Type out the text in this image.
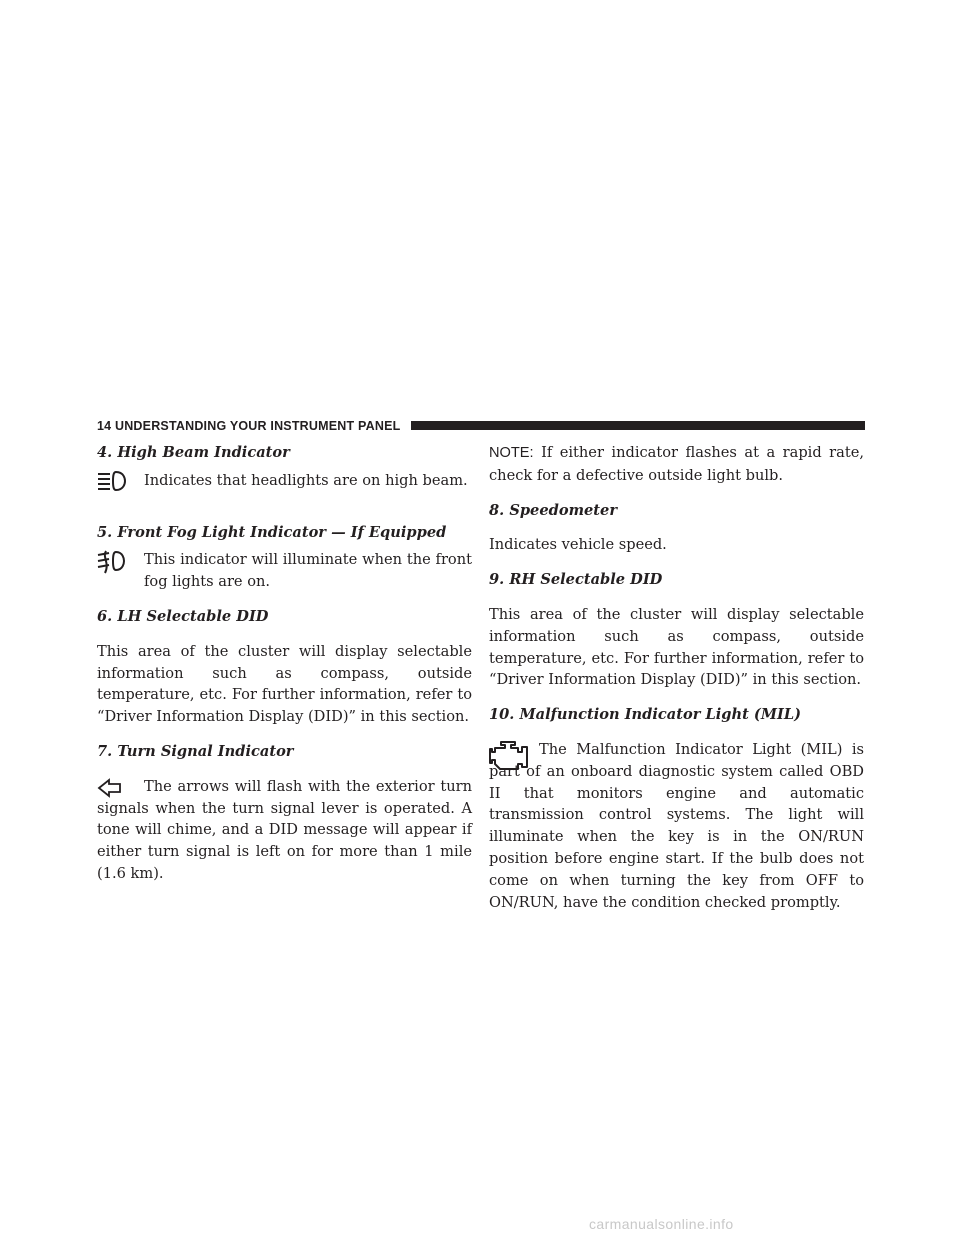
14 UNDERSTANDING YOUR INSTRUMENT PANEL
4. High Beam Indicator

Indicates that headlights are on high beam.

5. Front Fog Light Indicator — If Equipped

This indicator will illuminate when the front fog lights are on.

6. LH Selectable DID

This area of the cluster will display selectable information such as compass, outside temperature, etc. For further information, refer to “Driver Information Display (DID)” in this section.

7. Turn Signal Indicator

The arrows will flash with the exterior turn signals when the turn signal lever is operated. A tone will chime, and a DID message will appear if either turn signal is left on for more than 1 mile (1.6 km).

NOTE: If either indicator flashes at a rapid rate, check for a defective outside light bulb.

8. Speedometer

Indicates vehicle speed.

9. RH Selectable DID

This area of the cluster will display selectable information such as compass, outside temperature, etc. For further information, refer to “Driver Information Display (DID)” in this section.

10. Malfunction Indicator Light (MIL)

The Malfunction Indicator Light (MIL) is part of an onboard diagnostic system called OBD II that monitors engine and automatic transmission control systems. The light will illuminate when the key is in the ON/RUN position before engine start. If the bulb does not come on when turning the key from OFF to ON/RUN, have the condition checked promptly.

carmanualsonline.info
